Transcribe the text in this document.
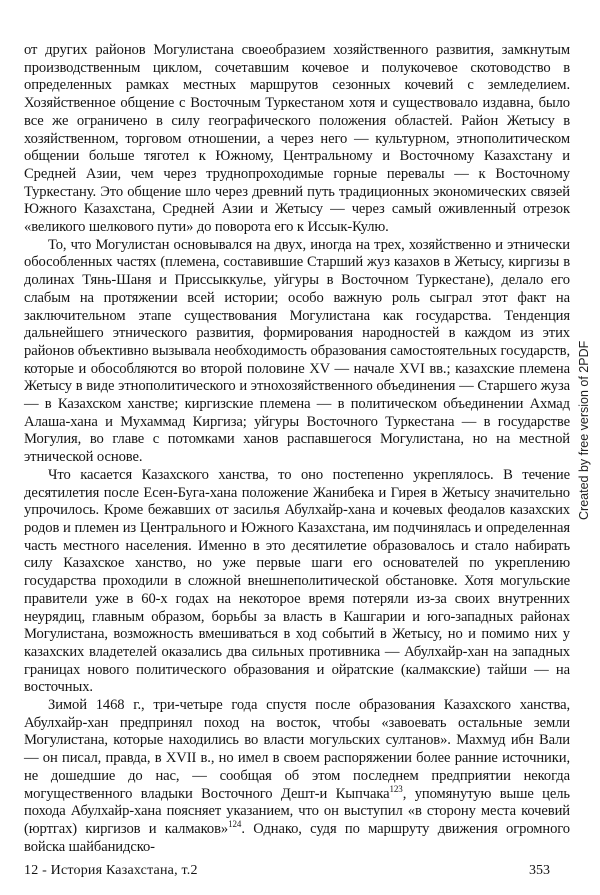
от других районов Могулистана своеобразием хозяйственного развития, замкнутым производственным циклом, сочетавшим кочевое и полукочевое скотоводство в определенных рамках местных маршрутов сезонных кочевий с земледелием. Хозяйственное общение с Восточным Туркестаном хотя и существовало издавна, было все же ограничено в силу географического положения областей. Район Жетысу в хозяйственном, торговом отношении, а через него — культурном, этнополитическом общении больше тяготел к Южному, Центральному и Восточному Казахстану и Средней Азии, чем через труднопроходимые горные перевалы — к Восточному Туркестану. Это общение шло через древний путь традиционных экономических связей Южного Казахстана, Средней Азии и Жетысу — через самый оживленный отрезок «великого шелкового пути» до поворота его к Иссык-Кулю.

То, что Могулистан основывался на двух, иногда на трех, хозяйственно и этнически обособленных частях (племена, составившие Старший жуз казахов в Жетысу, киргизы в долинах Тянь-Шаня и Приссыккулье, уйгуры в Восточном Туркестане), делало его слабым на протяжении всей истории; особо важную роль сыграл этот факт на заключительном этапе существования Могулистана как государства. Тенденция дальнейшего этнического развития, формирования народностей в каждом из этих районов объективно вызывала необходимость образования самостоятельных государств, которые и обособляются во второй половине XV — начале XVI вв.; казахские племена Жетысу в виде этнополитического и этнохозяйственного объединения — Старшего жуза — в Казахском ханстве; киргизские племена — в политическом объединении Ахмад Алаша-хана и Мухаммад Киргиза; уйгуры Восточного Туркестана — в государстве Могулия, во главе с потомками ханов распавшегося Могулистана, но на местной этнической основе.

Что касается Казахского ханства, то оно постепенно укреплялось. В течение десятилетия после Есен-Буга-хана положение Жанибека и Гирея в Жетысу значительно упрочилось. Кроме бежавших от засилья Абулхайр-хана и кочевых феодалов казахских родов и племен из Центрального и Южного Казахстана, им подчинялась и определенная часть местного населения. Именно в это десятилетие образовалось и стало набирать силу Казахское ханство, но уже первые шаги его основателей по укреплению государства проходили в сложной внешнеполитической обстановке. Хотя могульские правители уже в 60-х годах на некоторое время потеряли из-за своих внутренних неурядиц, главным образом, борьбы за власть в Кашгарии и юго-западных районах Могулистана, возможность вмешиваться в ход событий в Жетысу, но и помимо них у казахских владетелей оказались два сильных противника — Абулхайр-хан на западных границах нового политического образования и ойратские (калмакские) тайши — на восточных.

Зимой 1468 г., три-четыре года спустя после образования Казахского ханства, Абулхайр-хан предпринял поход на восток, чтобы «завоевать остальные земли Могулистана, которые находились во власти могульских султанов». Махмуд ибн Вали — он писал, правда, в XVII в., но имел в своем распоряжении более ранние источники, не дошедшие до нас, — сообщая об этом последнем предприятии некогда могущественного владыки Восточного Дешт-и Кыпчака$^{123}$, упомянутую выше цель похода Абулхайр-хана поясняет указанием, что он выступил «в сторону места кочевий (юртгах) киргизов и калмаков»$^{124}$. Однако, судя по маршруту движения огромного войска шайбанидско-

12 - История Казахстана, т.2	353
Created by free version of 2PDF
